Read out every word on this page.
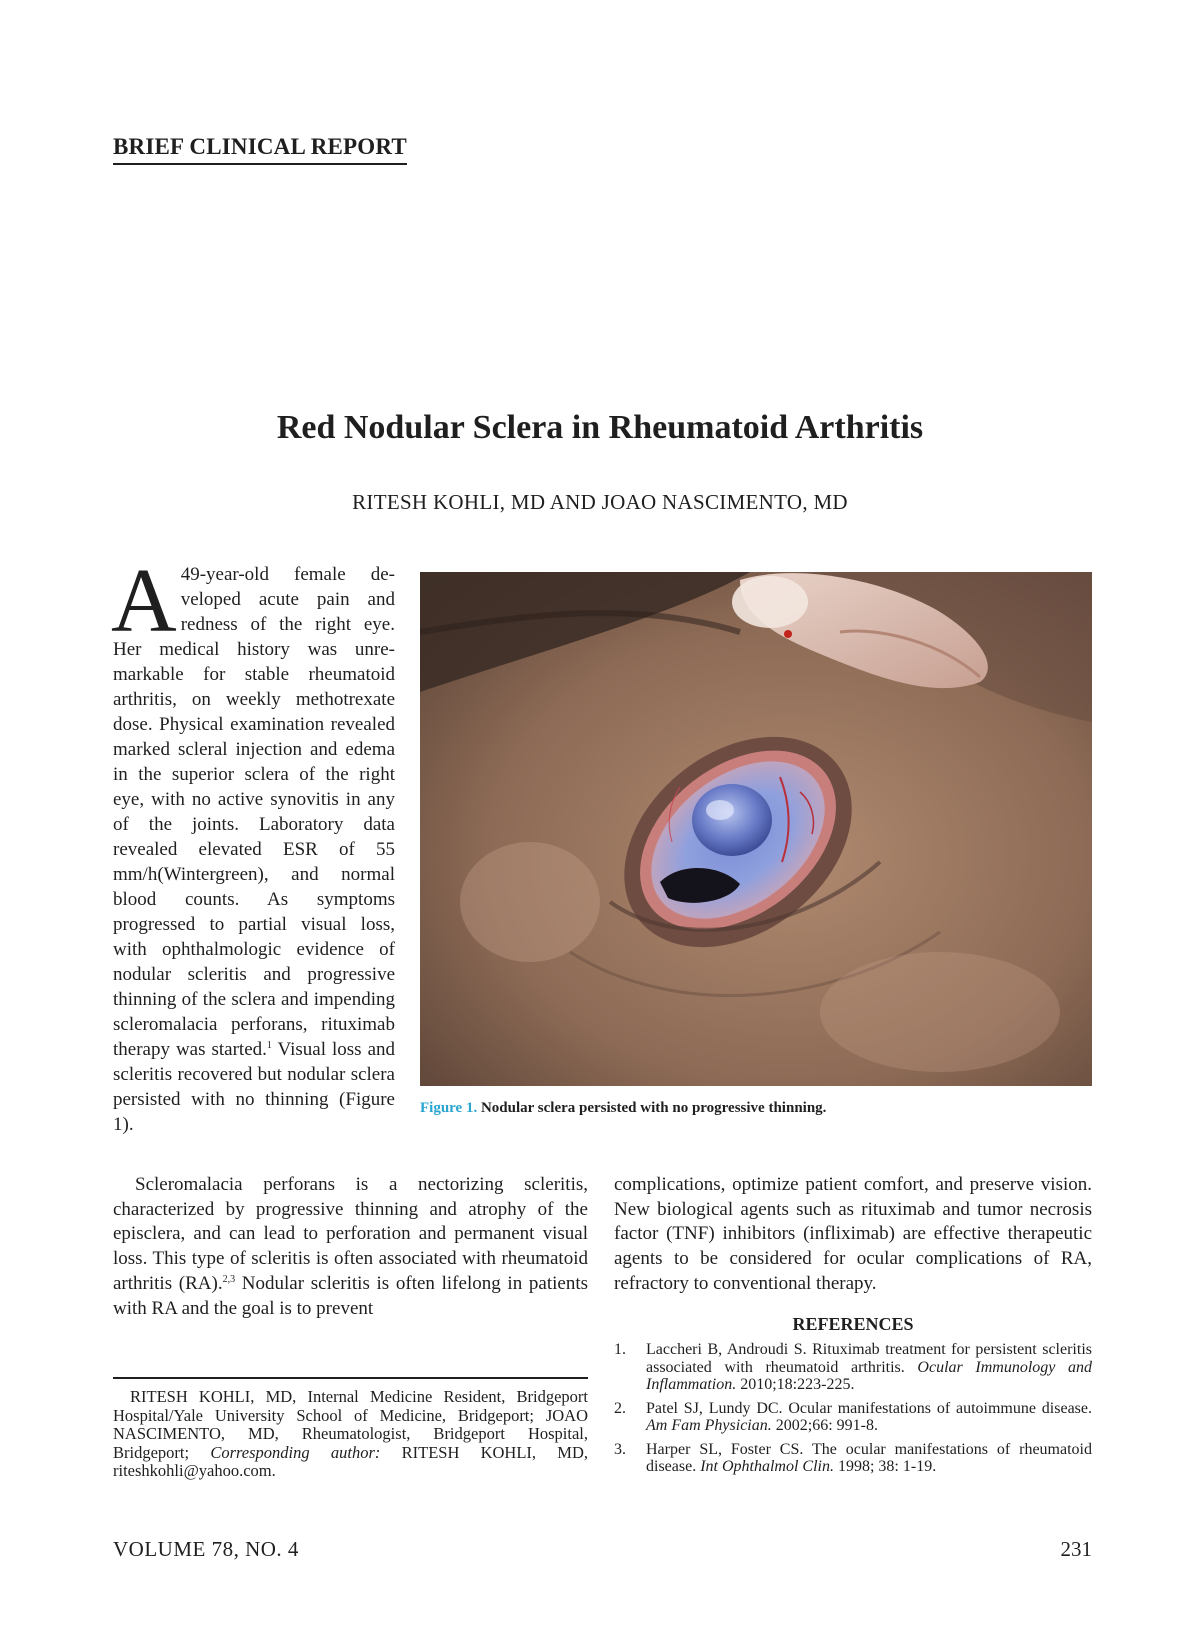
BRIEF CLINICAL REPORT
Red Nodular Sclera in Rheumatoid Arthritis
RITESH KOHLI, MD AND JOAO NASCIMENTO, MD
A 49-year-old female developed acute pain and redness of the right eye. Her medical history was unremarkable for stable rheumatoid arthritis, on weekly methotrexate dose. Physical examination revealed marked scleral injection and edema in the superior sclera of the right eye, with no active synovitis in any of the joints. Laboratory data revealed elevated ESR of 55 mm/h(Wintergreen), and normal blood counts. As symptoms progressed to partial visual loss, with ophthalmologic evidence of nodular scleritis and progressive thinning of the sclera and impending scleromalacia perforans, rituximab therapy was started.$^1$ Visual loss and scleritis recovered but nodular sclera persisted with no thinning (Figure 1).
Figure 1. Nodular sclera persisted with no progressive thinning.
Scleromalacia perforans is a nectorizing scleritis, characterized by progressive thinning and atrophy of the episclera, and can lead to perforation and permanent visual loss. This type of scleritis is often associated with rheumatoid arthritis (RA).$^{2,3}$ Nodular scleritis is often lifelong in patients with RA and the goal is to prevent
complications, optimize patient comfort, and preserve vision. New biological agents such as rituximab and tumor necrosis factor (TNF) inhibitors (infliximab) are effective therapeutic agents to be considered for ocular complications of RA, refractory to conventional therapy.
REFERENCES
1. Laccheri B, Androudi S. Rituximab treatment for persistent scleritis associated with rheumatoid arthritis. Ocular Immunology and Inflammation. 2010;18:223-225.
2. Patel SJ, Lundy DC. Ocular manifestations of autoimmune disease. Am Fam Physician. 2002;66: 991-8.
3. Harper SL, Foster CS. The ocular manifestations of rheumatoid disease. Int Ophthalmol Clin. 1998; 38: 1-19.
RITESH KOHLI, MD, Internal Medicine Resident, Bridgeport Hospital/Yale University School of Medicine, Bridgeport; JOAO NASCIMENTO, MD, Rheumatologist, Bridgeport Hospital, Bridgeport; Corresponding author: RITESH KOHLI, MD, riteshkohli@yahoo.com.
VOLUME 78, NO. 4	231
